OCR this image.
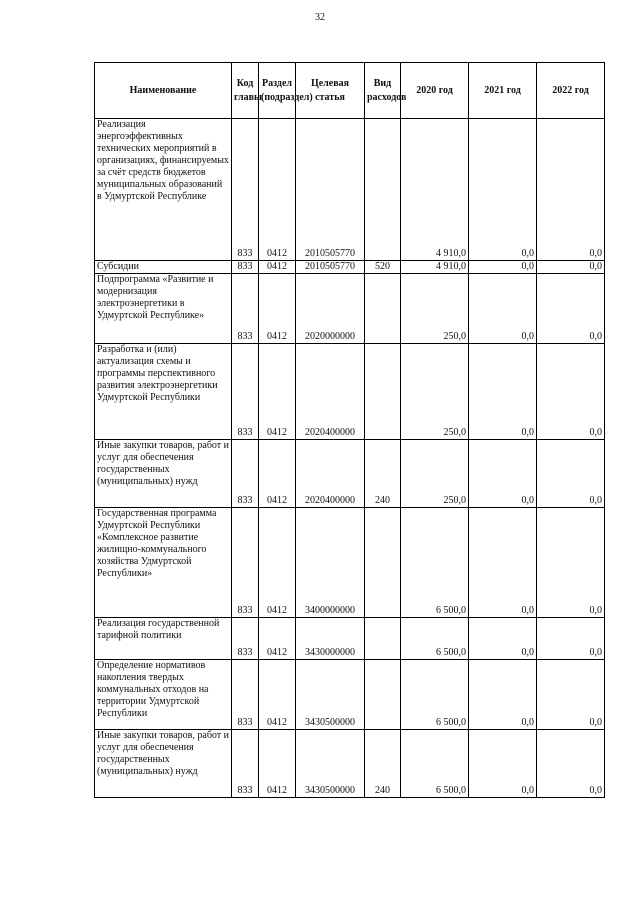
32
Наименование	Код главы	Раздел (подраздел)	Целевая статья	Вид расходов	2020 год	2021 год	2022 год
Реализация энергоэффективных технических мероприятий в организациях, финансируемых за счёт средств бюджетов муниципальных образований в Удмуртской Республике	833	0412	2010505770		4 910,0	0,0	0,0
Субсидии	833	0412	2010505770	520	4 910,0	0,0	0,0
Подпрограмма «Развитие и модернизация электроэнергетики в Удмуртской Республике»	833	0412	2020000000		250,0	0,0	0,0
Разработка и (или) актуализация схемы и программы перспективного развития электроэнергетики Удмуртской Республики	833	0412	2020400000		250,0	0,0	0,0
Иные закупки товаров, работ и услуг для обеспечения государственных (муниципальных) нужд	833	0412	2020400000	240	250,0	0,0	0,0
Государственная программа Удмуртской Республики «Комплексное развитие жилищно-коммунального хозяйства Удмуртской Республики»	833	0412	3400000000		6 500,0	0,0	0,0
Реализация государственной тарифной политики	833	0412	3430000000		6 500,0	0,0	0,0
Определение нормативов накопления твердых коммунальных отходов на территории Удмуртской Республики	833	0412	3430500000		6 500,0	0,0	0,0
Иные закупки товаров, работ и услуг для обеспечения государственных (муниципальных) нужд	833	0412	3430500000	240	6 500,0	0,0	0,0
